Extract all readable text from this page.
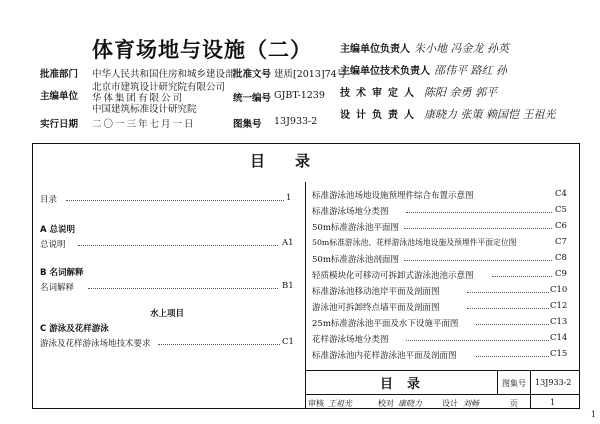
体育场地与设施（二）
批准部门 中华人民共和国住房和城乡建设部
批准文号 建质[2013]74号
主编单位
北京市建筑设计研究院有限公司
华体集团有限公司
中国建筑标准设计研究院
统一编号 GJBT-1239
实行日期 二〇一三年七月一日	图集号 13J933-2
主编单位负责人 朱小地 冯金龙 孙英
主编单位技术负责人 邵伟平 路红 孙
技术审定人 陈阳 余勇 郭平
设计负责人 康晓力 张策 赖国恺 王祖光
目录
目录	1
A 总说明
总说明	A1
B 名词解释
名词解释	B1
水上项目
C 游泳及花样游泳
游泳及花样游泳场地技术要求	C1
标准游泳池场地设施预埋件综合布置示意图	C4
标准游泳场地分类图	C5
50m标准游泳池平面图	C6
50m标准游泳池、花样游泳池场地设施及预埋件平面定位图	C7
50m标准游泳池剖面图	C8
轻质模块化可移动可拆卸式游泳池池示意图	C9
标准游泳池移动池岸平面及剖面图	C10
游泳池可拆卸终点墙平面及剖面图	C12
25m标准游泳池平面及水下设施平面图	C13
花样游泳场地分类图	C14
标准游泳池内花样游泳池平面及剖面图	C15
目录	图集号 13J933-2
审核 王祖光	校对 康晓力	设计 刘畅	页	1
1
